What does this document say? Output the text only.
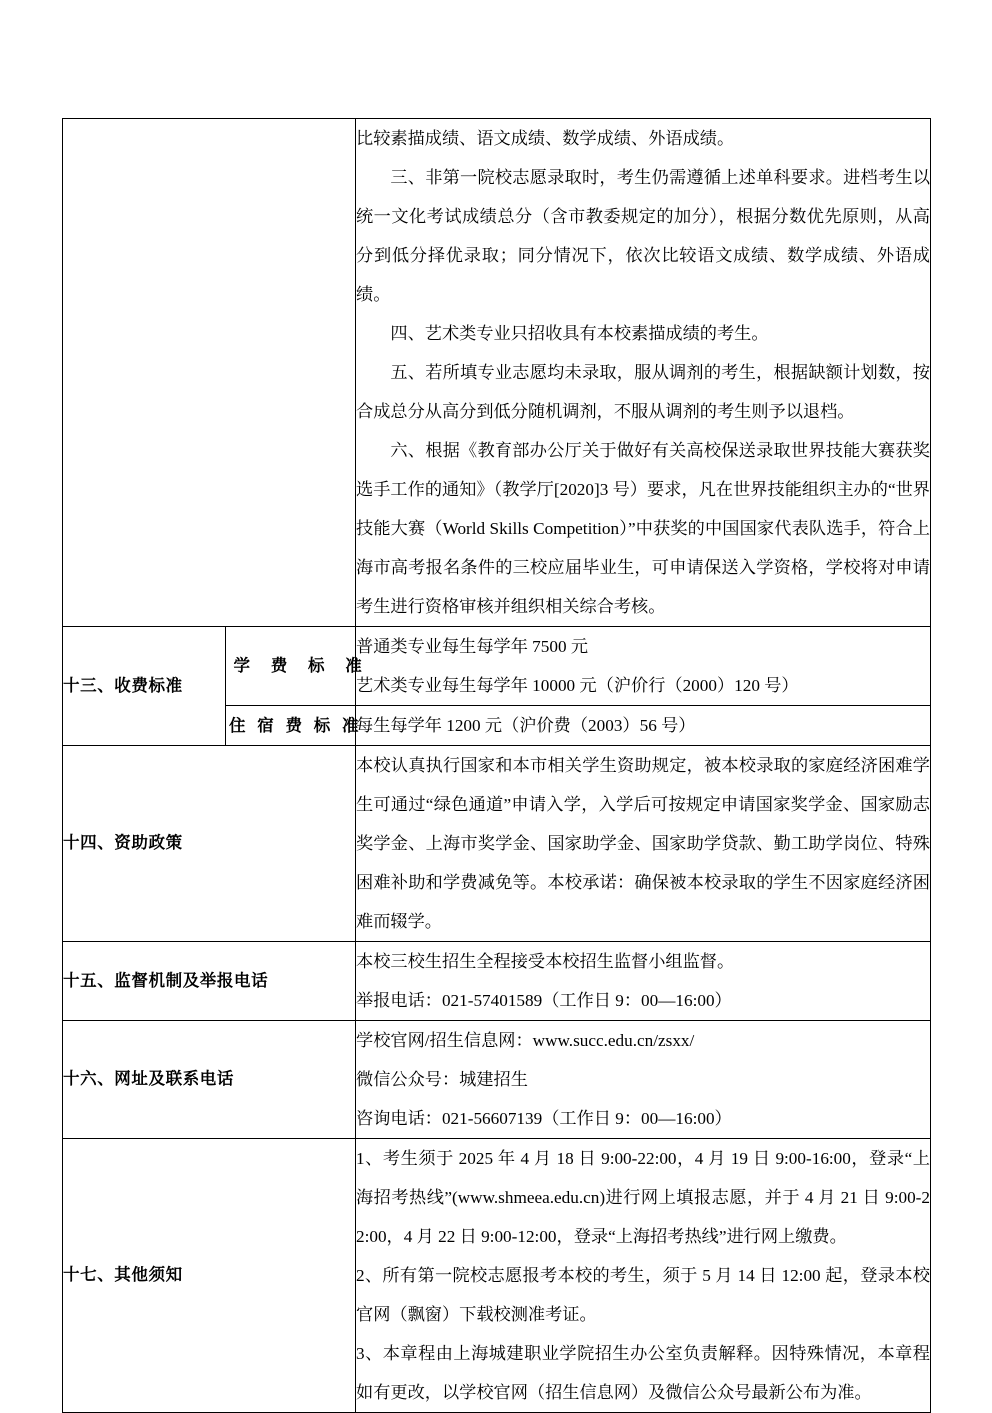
		比较素描成绩、语文成绩、数学成绩、外语成绩。

三、非第一院校志愿录取时，考生仍需遵循上述单科要求。进档考生以统一文化考试成绩总分（含市教委规定的加分），根据分数优先原则，从高分到低分择优录取；同分情况下，依次比较语文成绩、数学成绩、外语成绩。

四、艺术类专业只招收具有本校素描成绩的考生。

五、若所填专业志愿均未录取，服从调剂的考生，根据缺额计划数，按合成总分从高分到低分随机调剂，不服从调剂的考生则予以退档。

六、根据《教育部办公厅关于做好有关高校保送录取世界技能大赛获奖选手工作的通知》（教学厅[2020]3 号）要求，凡在世界技能组织主办的“世界技能大赛（World Skills Competition）”中获奖的中国国家代表队选手，符合上海市高考报名条件的三校应届毕业生，可申请保送入学资格，学校将对申请考生进行资格审核并组织相关综合考核。

十三、收费标准	学 费 标 准	普通类专业每生每学年 7500 元

艺术类专业每生每学年 10000 元（沪价行（2000）120 号）

	住 宿 费 标 准	每生每学年 1200 元（沪价费（2003）56 号）

十四、资助政策		本校认真执行国家和本市相关学生资助规定，被本校录取的家庭经济困难学生可通过“绿色通道”申请入学，入学后可按规定申请国家奖学金、国家励志奖学金、上海市奖学金、国家助学金、国家助学贷款、勤工助学岗位、特殊困难补助和学费减免等。本校承诺：确保被本校录取的学生不因家庭经济困难而辍学。

十五、监督机制及举报电话		本校三校生招生全程接受本校招生监督小组监督。

举报电话：021-57401589（工作日 9：00—16:00）

十六、网址及联系电话		学校官网/招生信息网：www.succ.edu.cn/zsxx/

微信公众号：城建招生

咨询电话：021-56607139（工作日 9：00—16:00）

十七、其他须知		1、考生须于 2025 年 4 月 18 日 9:00-22:00，4 月 19 日 9:00-16:00，登录“上海招考热线”(www.shmeea.edu.cn)进行网上填报志愿，并于 4 月 21 日 9:00-22:00，4 月 22 日 9:00-12:00，登录“上海招考热线”进行网上缴费。

2、所有第一院校志愿报考本校的考生，须于 5 月 14 日 12:00 起，登录本校官网（飘窗）下载校测准考证。

3、本章程由上海城建职业学院招生办公室负责解释。因特殊情况，本章程如有更改，以学校官网（招生信息网）及微信公众号最新公布为准。
